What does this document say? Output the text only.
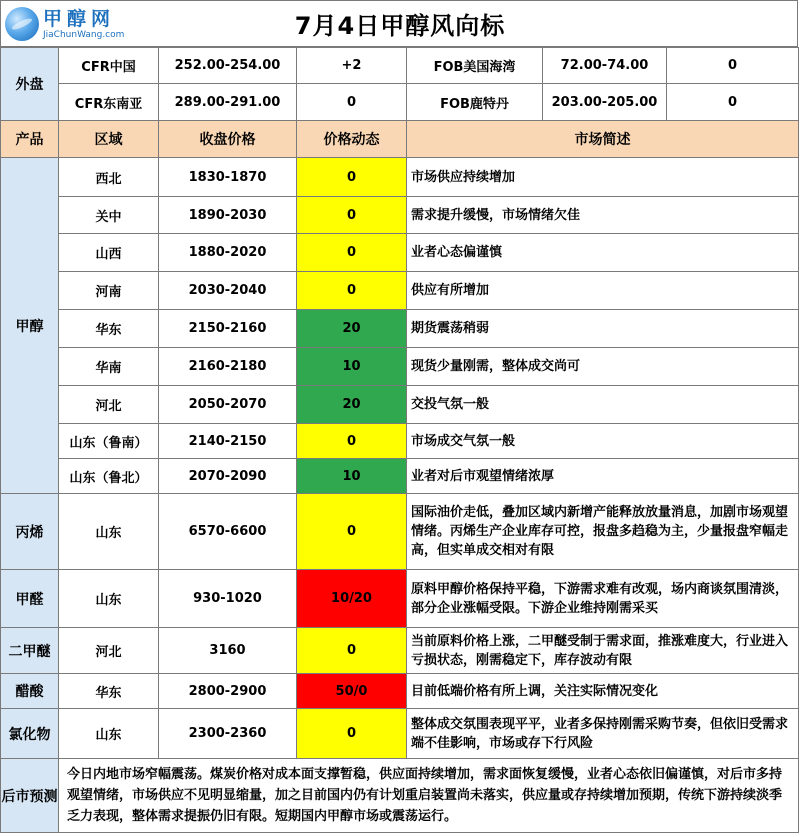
甲醇网
JiaChunWang.com	7月4日甲醇风向标
外盘	CFR中国	252.00-254.00	+2	FOB美国海湾	72.00-74.00	0
	CFR东南亚	289.00-291.00	0	FOB鹿特丹	203.00-205.00	0
产品	区域	收盘价格	价格动态	市场简述		
甲醇	西北	1830-1870	0	市场供应持续增加		
	关中	1890-2030	0	需求提升缓慢，市场情绪欠佳		
	山西	1880-2020	0	业者心态偏谨慎		
	河南	2030-2040	0	供应有所增加		
	华东	2150-2160	20	期货震荡稍弱		
	华南	2160-2180	10	现货少量刚需，整体成交尚可		
	河北	2050-2070	20	交投气氛一般		
	山东（鲁南）	2140-2150	0	市场成交气氛一般		
	山东（鲁北）	2070-2090	10	业者对后市观望情绪浓厚		
丙烯	山东	6570-6600	0	国际油价走低，叠加区域内新增产能释放放量消息，加剧市场观望情绪。丙烯生产企业库存可控，报盘多趋稳为主，少量报盘窄幅走高，但实单成交相对有限		
甲醛	山东	930-1020	10/20	原料甲醇价格保持平稳，下游需求难有改观，场内商谈氛围清淡，部分企业涨幅受限。下游企业维持刚需采买		
二甲醚	河北	3160	0	当前原料价格上涨，二甲醚受制于需求面，推涨难度大，行业进入亏损状态，刚需稳定下，库存波动有限		
醋酸	华东	2800-2900	50/0	目前低端价格有所上调，关注实际情况变化		
氯化物	山东	2300-2360	0	整体成交氛围表现平平，业者多保持刚需采购节奏，但依旧受需求端不佳影响，市场或存下行风险		
后市预测	今日内地市场窄幅震荡。煤炭价格对成本面支撑暂稳，供应面持续增加，需求面恢复缓慢，业者心态依旧偏谨慎，对后市多持观望情绪，市场供应不见明显缩量，加之目前国内仍有计划重启装置尚未落实，供应量或存持续增加预期，传统下游持续淡季乏力表现，整体需求提振仍旧有限。短期国内甲醇市场或震荡运行。					
